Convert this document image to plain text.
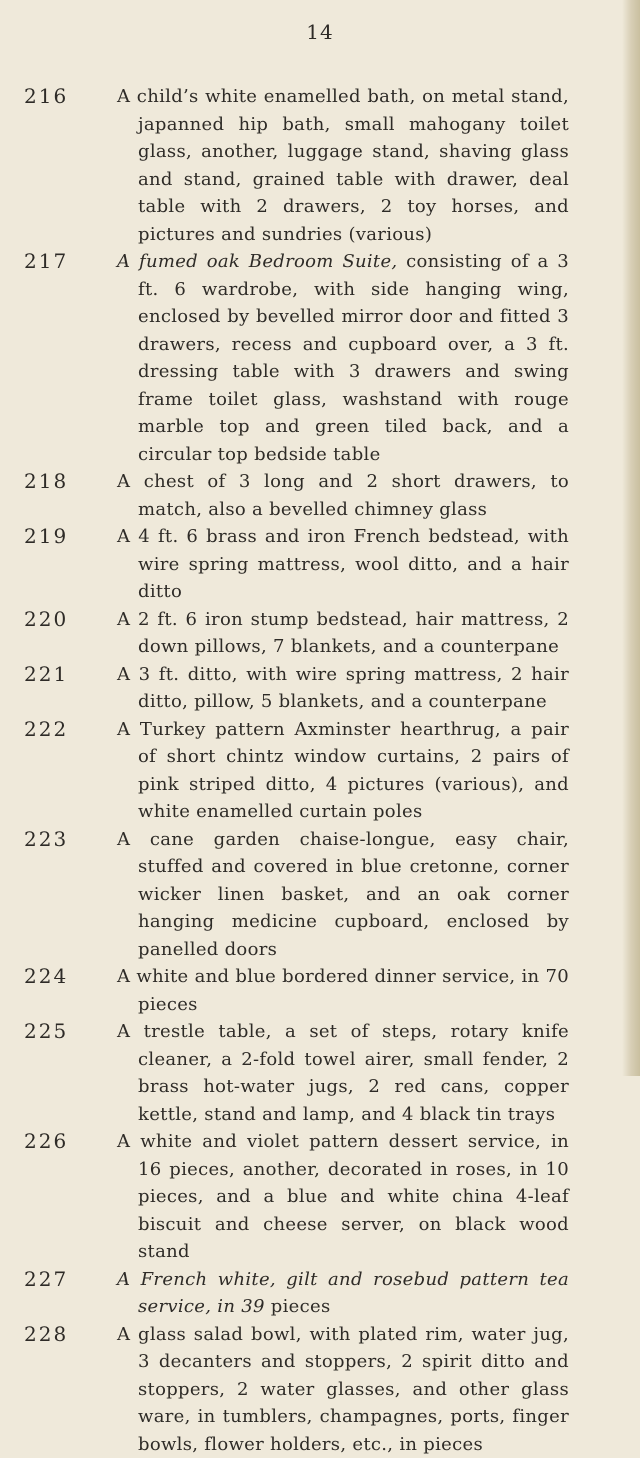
14
216	A child’s white enamelled bath, on metal stand, japanned hip bath, small mahogany toilet glass, another, luggage stand, shaving glass and stand, grained table with drawer, deal table with 2 drawers, 2 toy horses, and pictures and sundries (various)
217	A fumed oak Bedroom Suite, consisting of a 3 ft. 6 wardrobe, with side hanging wing, enclosed by bevelled mirror door and fitted 3 drawers, recess and cupboard over, a 3 ft. dressing table with 3 drawers and swing frame toilet glass, washstand with rouge marble top and green tiled back, and a circular top bedside table
218	A chest of 3 long and 2 short drawers, to match, also a bevelled chimney glass
219	A 4 ft. 6 brass and iron French bedstead, with wire spring mattress, wool ditto, and a hair ditto
220	A 2 ft. 6 iron stump bedstead, hair mattress, 2 down pillows, 7 blankets, and a counterpane
221	A 3 ft. ditto, with wire spring mattress, 2 hair ditto, pillow, 5 blankets, and a counterpane
222	A Turkey pattern Axminster hearthrug, a pair of short chintz window curtains, 2 pairs of pink striped ditto, 4 pictures (various), and white enamelled curtain poles
223	A cane garden chaise-longue, easy chair, stuffed and covered in blue cretonne, corner wicker linen basket, and an oak corner hanging medicine cupboard, enclosed by panelled doors
224	A white and blue bordered dinner service, in 70 pieces
225	A trestle table, a set of steps, rotary knife cleaner, a 2-fold towel airer, small fender, 2 brass hot-water jugs, 2 red cans, copper kettle, stand and lamp, and 4 black tin trays
226	A white and violet pattern dessert service, in 16 pieces, another, decorated in roses, in 10 pieces, and a blue and white china 4-leaf biscuit and cheese server, on black wood stand
227	A French white, gilt and rosebud pattern tea service, in 39 pieces
228	A glass salad bowl, with plated rim, water jug, 3 decanters and stoppers, 2 spirit ditto and stoppers, 2 water glasses, and other glass ware, in tumblers, champagnes, ports, finger bowls, flower holders, etc., in pieces
